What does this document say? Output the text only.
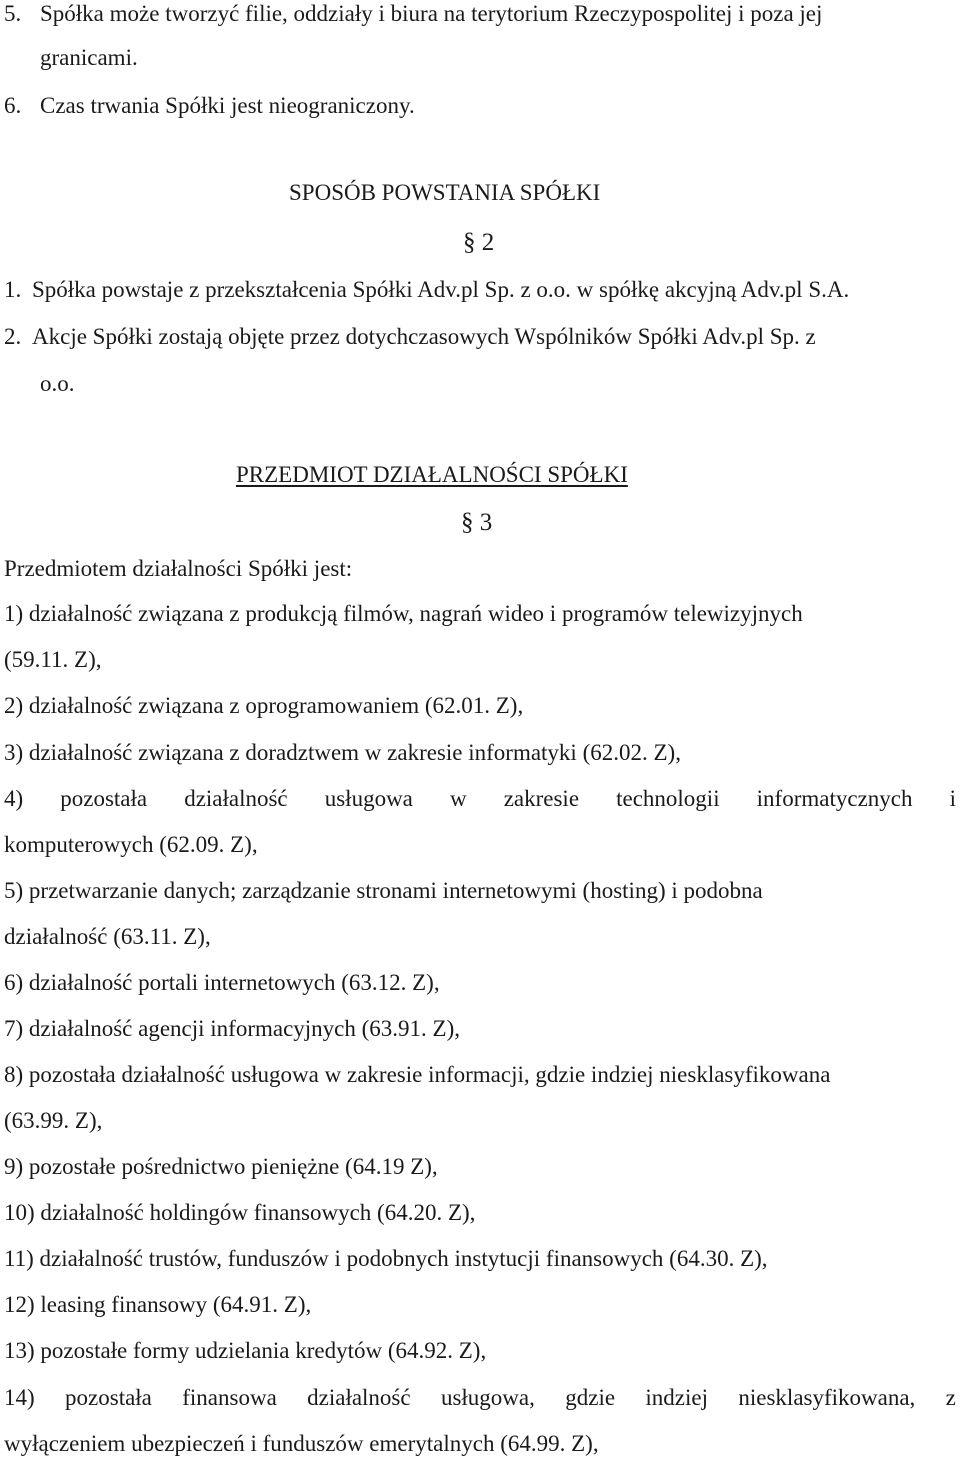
5. Spółka może tworzyć filie, oddziały i biura na terytorium Rzeczypospolitej i poza jej
granicami.
6. Czas trwania Spółki jest nieograniczony.
SPOSÓB POWSTANIA SPÓŁKI
§ 2
1. Spółka powstaje z przekształcenia Spółki Adv.pl Sp. z o.o. w spółkę akcyjną Adv.pl S.A.
2. Akcje Spółki zostają objęte przez dotychczasowych Wspólników Spółki Adv.pl Sp. z
o.o.
PRZEDMIOT DZIAŁALNOŚCI SPÓŁKI
§ 3
Przedmiotem działalności Spółki jest:
1) działalność związana z produkcją filmów, nagrań wideo i programów telewizyjnych
(59.11. Z),
2) działalność związana z oprogramowaniem (62.01. Z),
3) działalność związana z doradztwem w zakresie informatyki (62.02. Z),
4) pozostała działalność usługowa w zakresie technologii informatycznych i
komputerowych (62.09. Z),
5) przetwarzanie danych; zarządzanie stronami internetowymi (hosting) i podobna
działalność (63.11. Z),
6) działalność portali internetowych (63.12. Z),
7) działalność agencji informacyjnych (63.91. Z),
8) pozostała działalność usługowa w zakresie informacji, gdzie indziej niesklasyfikowana
(63.99. Z),
9) pozostałe pośrednictwo pieniężne (64.19 Z),
10) działalność holdingów finansowych (64.20. Z),
11) działalność trustów, funduszów i podobnych instytucji finansowych (64.30. Z),
12) leasing finansowy (64.91. Z),
13) pozostałe formy udzielania kredytów (64.92. Z),
14) pozostała finansowa działalność usługowa, gdzie indziej niesklasyfikowana, z
wyłączeniem ubezpieczeń i funduszów emerytalnych (64.99. Z),
